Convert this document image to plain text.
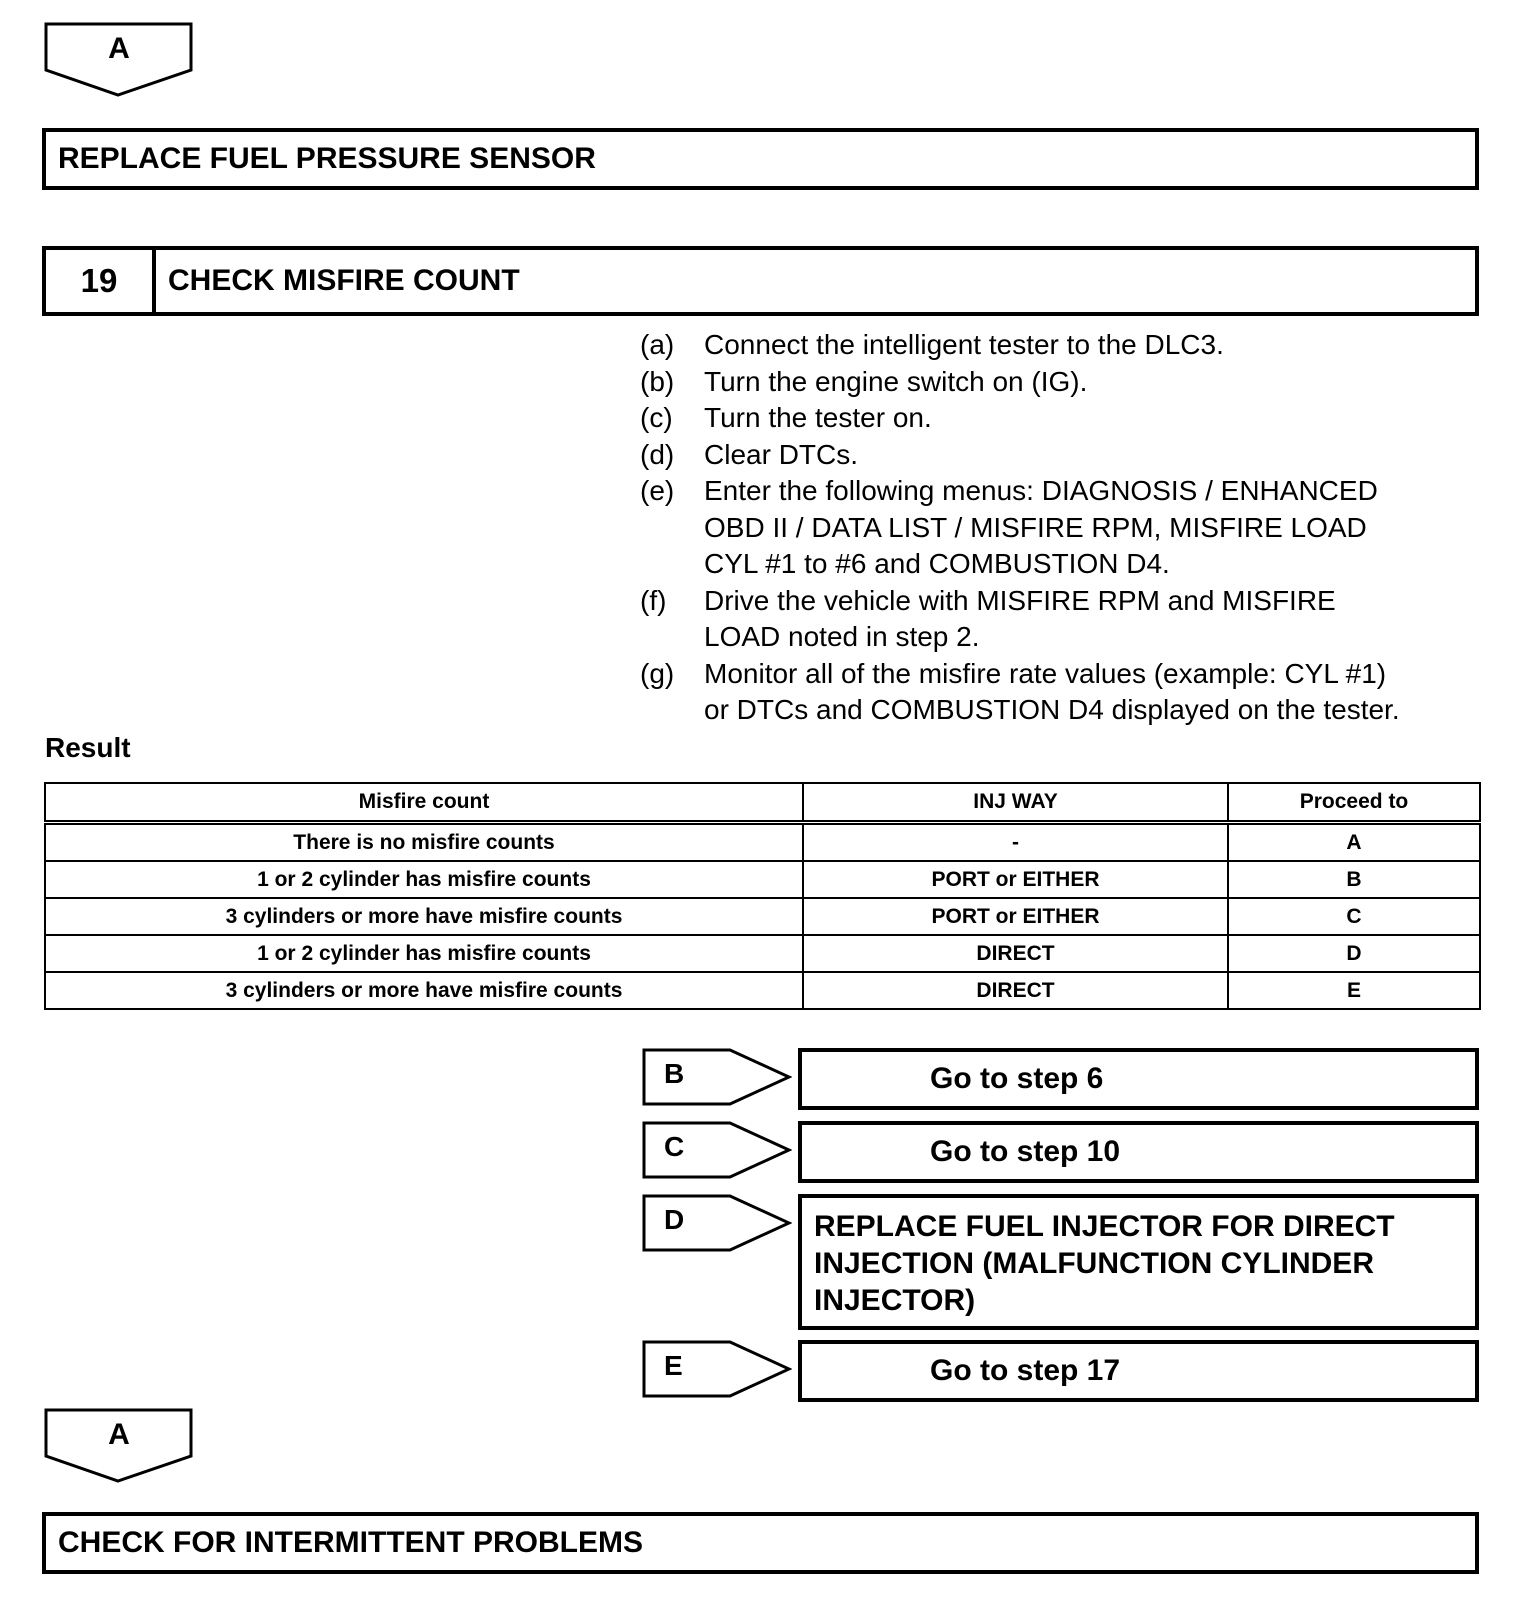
A
REPLACE FUEL PRESSURE SENSOR
19	CHECK MISFIRE COUNT
(a)	Connect the intelligent tester to the DLC3.
(b)	Turn the engine switch on (IG).
(c)	Turn the tester on.
(d)	Clear DTCs.
(e)	Enter the following menus: DIAGNOSIS / ENHANCED
OBD II / DATA LIST / MISFIRE RPM, MISFIRE LOAD
CYL #1 to #6 and COMBUSTION D4.
(f)	Drive the vehicle with MISFIRE RPM and MISFIRE
LOAD noted in step 2.
(g)	Monitor all of the misfire rate values (example: CYL #1)
or DTCs and COMBUSTION D4 displayed on the tester.
Result
Misfire count	INJ WAY	Proceed to
There is no misfire counts	-	A
1 or 2 cylinder has misfire counts	PORT or EITHER	B
3 cylinders or more have misfire counts	PORT or EITHER	C
1 or 2 cylinder has misfire counts	DIRECT	D
3 cylinders or more have misfire counts	DIRECT	E
B	Go to step 6
C	Go to step 10
D	REPLACE FUEL INJECTOR FOR DIRECT
INJECTION (MALFUNCTION CYLINDER
INJECTOR)
E	Go to step 17
A
CHECK FOR INTERMITTENT PROBLEMS
